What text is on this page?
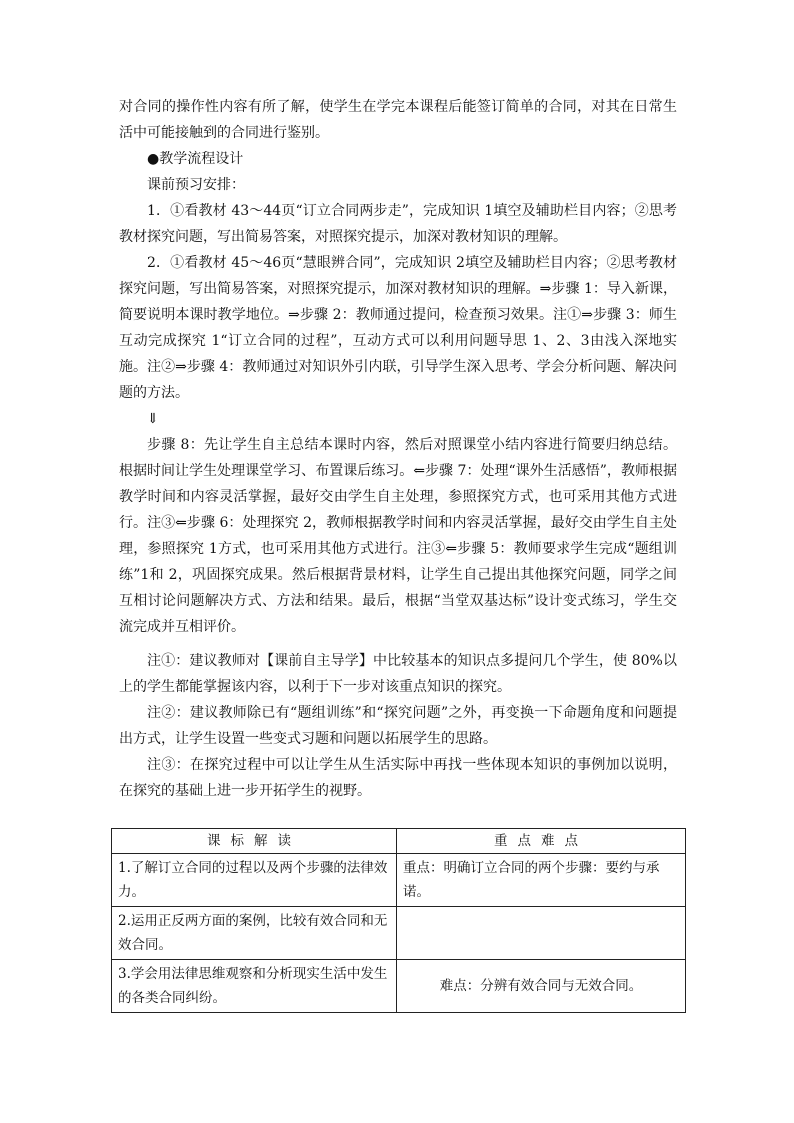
对合同的操作性内容有所了解，使学生在学完本课程后能签订简单的合同，对其在日常生活中可能接触到的合同进行鉴别。

●教学流程设计

课前预习安排：

1．①看教材 43～44页“订立合同两步走”，完成知识 1填空及辅助栏目内容；②思考教材探究问题，写出简易答案，对照探究提示，加深对教材知识的理解。

2．①看教材 45～46页“慧眼辨合同”，完成知识 2填空及辅助栏目内容；②思考教材探究问题，写出简易答案，对照探究提示，加深对教材知识的理解。⇒步骤 1：导入新课，简要说明本课时教学地位。⇒步骤 2：教师通过提问，检查预习效果。注①⇒步骤 3：师生互动完成探究 1“订立合同的过程”，互动方式可以利用问题导思 1、2、3由浅入深地实施。注②⇒步骤 4：教师通过对知识外引内联，引导学生深入思考、学会分析问题、解决问题的方法。

⇓

步骤 8：先让学生自主总结本课时内容，然后对照课堂小结内容进行简要归纳总结。根据时间让学生处理课堂学习、布置课后练习。⇐步骤 7：处理“课外生活感悟”，教师根据教学时间和内容灵活掌握，最好交由学生自主处理，参照探究方式，也可采用其他方式进行。注③⇐步骤 6：处理探究 2，教师根据教学时间和内容灵活掌握，最好交由学生自主处理，参照探究 1方式，也可采用其他方式进行。注③⇐步骤 5：教师要求学生完成“题组训练”1和 2，巩固探究成果。然后根据背景材料，让学生自己提出其他探究问题，同学之间互相讨论问题解决方式、方法和结果。最后，根据“当堂双基达标”设计变式练习，学生交流完成并互相评价。

注①：建议教师对【课前自主导学】中比较基本的知识点多提问几个学生，使 80%以上的学生都能掌握该内容，以利于下一步对该重点知识的探究。

注②：建议教师除已有“题组训练”和“探究问题”之外，再变换一下命题角度和问题提出方式，让学生设置一些变式习题和问题以拓展学生的思路。

注③：在探究过程中可以让学生从生活实际中再找一些体现本知识的事例加以说明，在探究的基础上进一步开拓学生的视野。

课标解读	重点难点
1.了解订立合同的过程以及两个步骤的法律效力。	重点：明确订立合同的两个步骤：要约与承诺。
2.运用正反两方面的案例，比较有效合同和无效合同。	
3.学会用法律思维观察和分析现实生活中发生的各类合同纠纷。	难点：分辨有效合同与无效合同。
